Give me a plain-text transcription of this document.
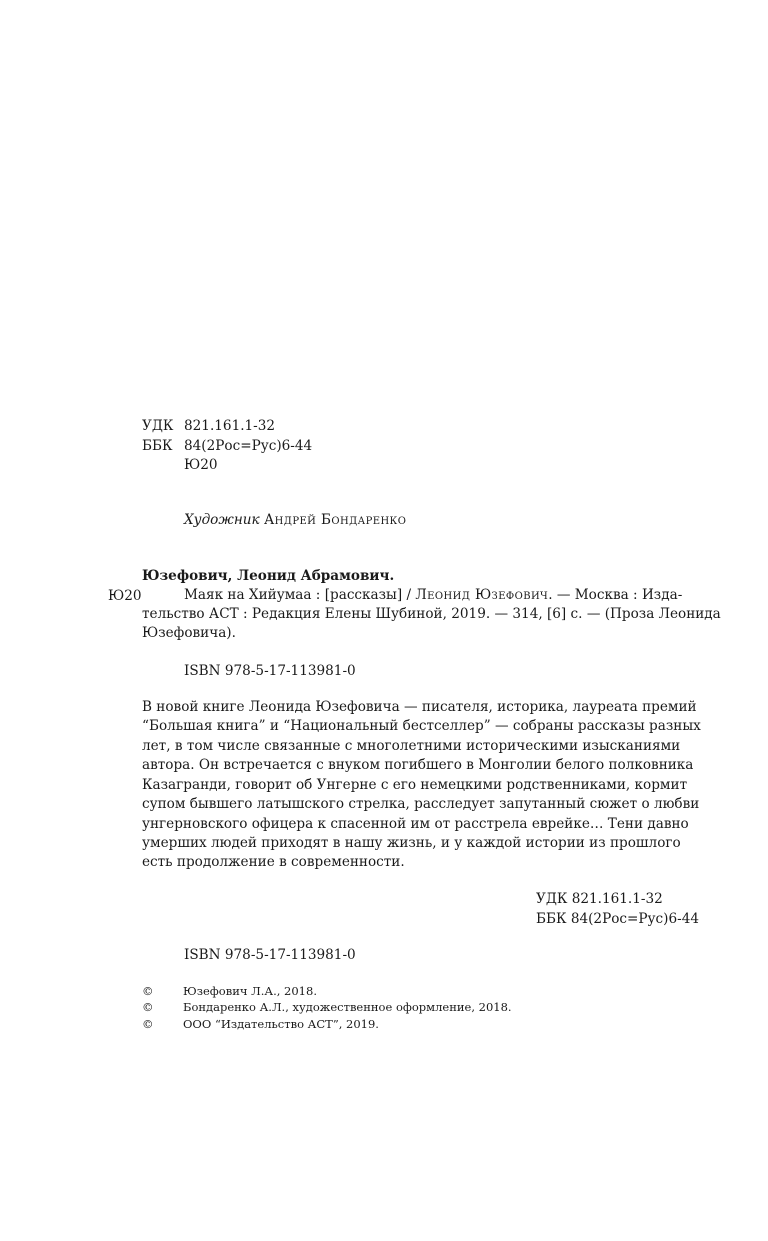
УДК 821.161.1-32
ББК 84(2Рос=Рус)6-44
Ю20
Художник Андрей Бондаренко
Юзефович, Леонид Абрамович.
Ю20	Маяк на Хийумаа : [рассказы] / Леонид Юзефович. — Москва : Изда-
тельство АСТ : Редакция Елены Шубиной, 2019. — 314, [6] с. — (Проза Леонида
Юзефовича).
ISBN 978-5-17-113981-0
В новой книге Леонида Юзефовича — писателя, историка, лауреата премий
“Большая книга” и “Национальный бестселлер” — собраны рассказы разных
лет, в том числе связанные с многолетними историческими изысканиями
автора. Он встречается с внуком погибшего в Монголии белого полковника
Казагранди, говорит об Унгерне с его немецкими родственниками, кормит
супом бывшего латышского стрелка, расследует запутанный сюжет о любви
унгерновского офицера к спасенной им от расстрела еврейке… Тени давно
умерших людей приходят в нашу жизнь, и у каждой истории из прошлого
есть продолжение в современности.
УДК 821.161.1-32
ББК 84(2Рос=Рус)6-44
ISBN 978-5-17-113981-0
©	Юзефович Л.А., 2018.
©	Бондаренко А.Л., художественное оформление, 2018.
©	ООО “Издательство АСТ”, 2019.
